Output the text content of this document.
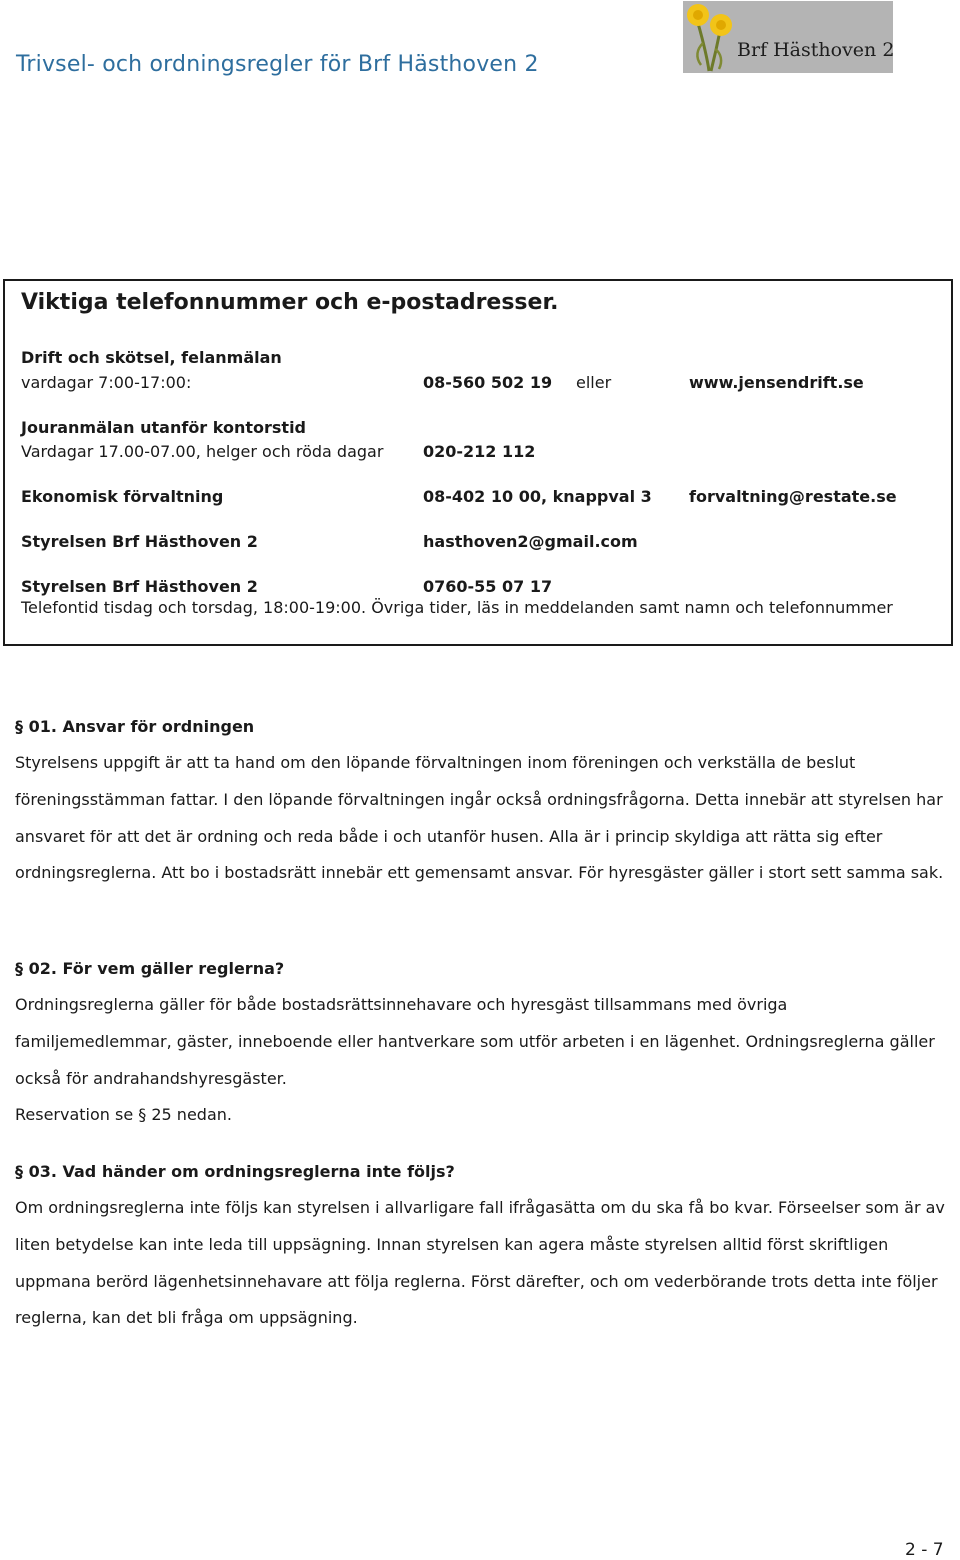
Trivsel- och ordningsregler för Brf Hästhoven 2
Brf Hästhoven 2
Viktiga telefonnummer och e-postadresser.
Drift och skötsel, felanmälan
vardagar 7:00-17:00:	08-560 502 19 eller	www.jensendrift.se
Jouranmälan utanför kontorstid
Vardagar 17.00-07.00, helger och röda dagar 020-212 112
Ekonomisk förvaltning	08-402 10 00, knappval 3 forvaltning@restate.se
Styrelsen Brf Hästhoven 2	hasthoven2@gmail.com
Styrelsen Brf Hästhoven 2	0760-55 07 17
Telefontid tisdag och torsdag, 18:00-19:00. Övriga tider, läs in meddelanden samt namn och telefonnummer
§ 01. Ansvar för ordningen

Styrelsens uppgift är att ta hand om den löpande förvaltningen inom föreningen och verkställa de beslut föreningsstämman fattar. I den löpande förvaltningen ingår också ordningsfrågorna. Detta innebär att styrelsen har ansvaret för att det är ordning och reda både i och utanför husen. Alla är i princip skyldiga att rätta sig efter ordningsreglerna. Att bo i bostadsrätt innebär ett gemensamt ansvar. För hyresgäster gäller i stort sett samma sak.

§ 02. För vem gäller reglerna?

Ordningsreglerna gäller för både bostadsrättsinnehavare och hyresgäst tillsammans med övriga familjemedlemmar, gäster, inneboende eller hantverkare som utför arbeten i en lägenhet. Ordningsreglerna gäller också för andrahandshyresgäster.

Reservation se § 25 nedan.

§ 03. Vad händer om ordningsreglerna inte följs?

Om ordningsreglerna inte följs kan styrelsen i allvarligare fall ifrågasätta om du ska få bo kvar. Förseelser som är av liten betydelse kan inte leda till uppsägning. Innan styrelsen kan agera måste styrelsen alltid först skriftligen uppmana berörd lägenhetsinnehavare att följa reglerna. Först därefter, och om vederbörande trots detta inte följer reglerna, kan det bli fråga om uppsägning.

2 - 7
